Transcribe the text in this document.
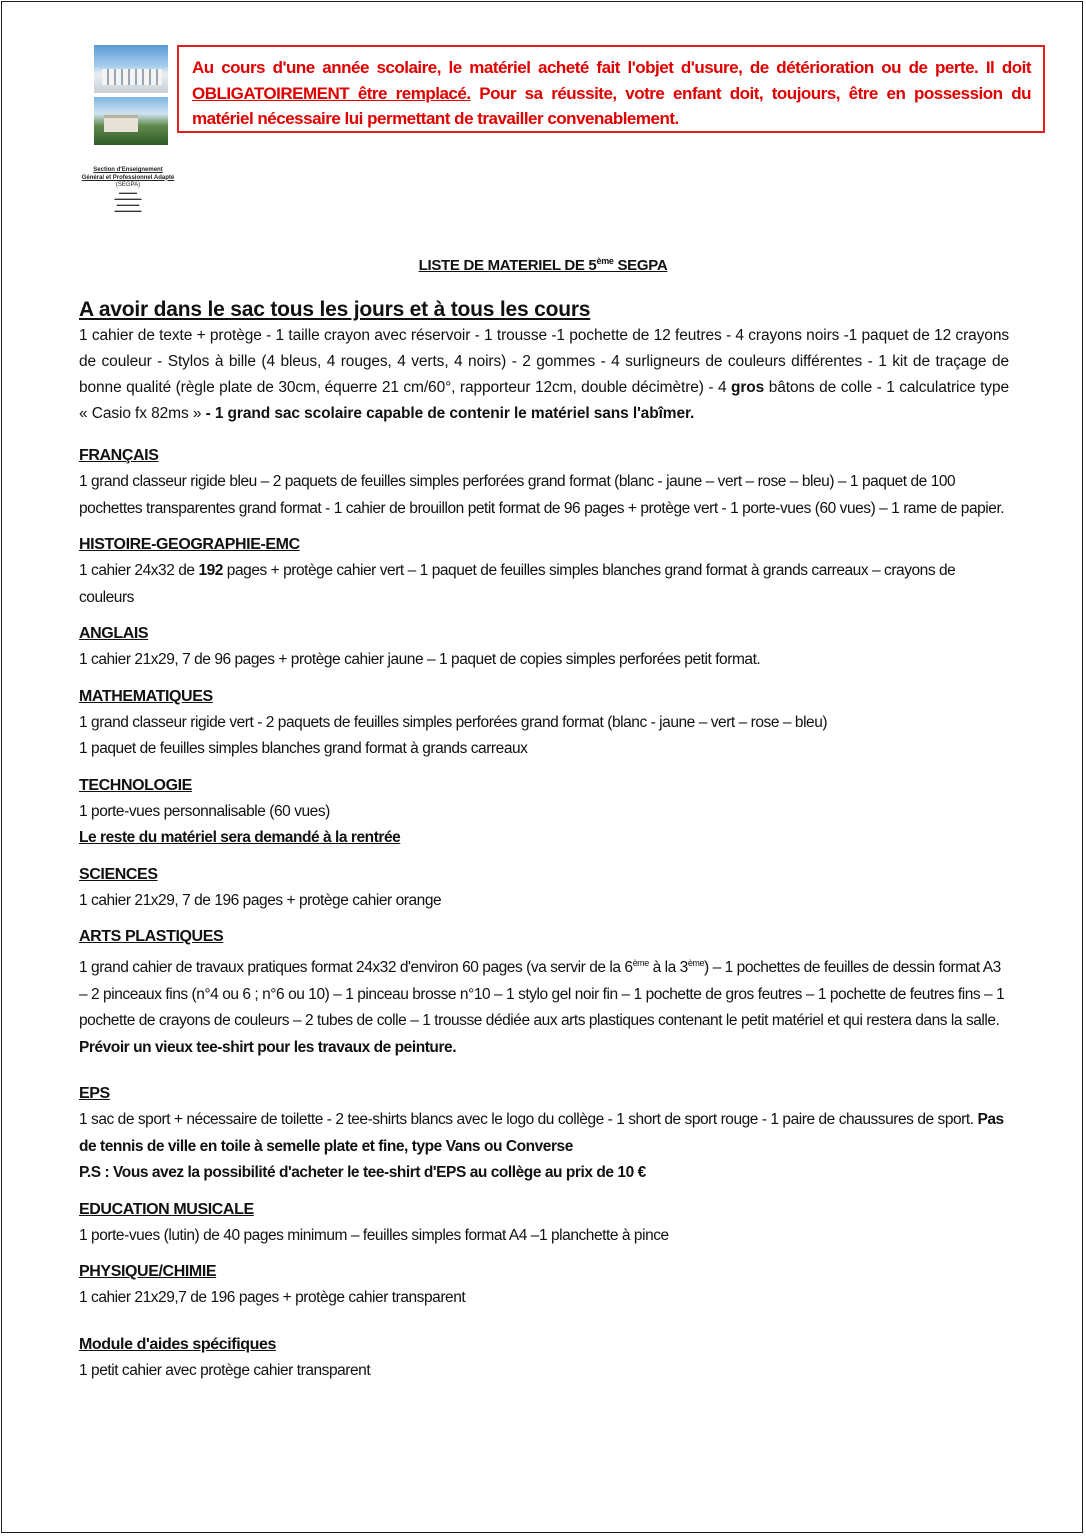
Section d'Enseignement
Général et Professionnel Adapté
(SEGPA)
▬▬▬▬
▬▬▬▬▬▬
▬▬▬▬▬
▬▬▬▬▬▬
Au cours d'une année scolaire, le matériel acheté fait l'objet d'usure, de détérioration ou de perte. Il doit OBLIGATOIREMENT être remplacé. Pour sa réussite, votre enfant doit, toujours, être en possession du matériel nécessaire lui permettant de travailler convenablement.
LISTE DE MATERIEL DE 5ème SEGPA
A avoir dans le sac tous les jours et à tous les cours

1 cahier de texte + protège - 1 taille crayon avec réservoir - 1 trousse -1 pochette de 12 feutres - 4 crayons noirs -1 paquet de 12 crayons de couleur - Stylos à bille (4 bleus, 4 rouges, 4 verts, 4 noirs) - 2 gommes - 4 surligneurs de couleurs différentes - 1 kit de traçage de bonne qualité (règle plate de 30cm, équerre 21 cm/60°, rapporteur 12cm, double décimètre) - 4 gros bâtons de colle - 1 calculatrice type « Casio fx 82ms » - 1 grand sac scolaire capable de contenir le matériel sans l'abîmer.

FRANÇAIS

1 grand classeur rigide bleu – 2 paquets de feuilles simples perforées grand format (blanc - jaune – vert – rose – bleu) – 1 paquet de 100 pochettes transparentes grand format - 1 cahier de brouillon petit format de 96 pages + protège vert - 1 porte-vues (60 vues) – 1 rame de papier.

HISTOIRE-GEOGRAPHIE-EMC

1 cahier 24x32 de 192 pages + protège cahier vert – 1 paquet de feuilles simples blanches grand format à grands carreaux – crayons de couleurs

ANGLAIS

1 cahier 21x29, 7 de 96 pages + protège cahier jaune – 1 paquet de copies simples perforées petit format.

MATHEMATIQUES

1 grand classeur rigide vert - 2 paquets de feuilles simples perforées grand format (blanc - jaune – vert – rose – bleu)

1 paquet de feuilles simples blanches grand format à grands carreaux

TECHNOLOGIE

1 porte-vues personnalisable (60 vues)

Le reste du matériel sera demandé à la rentrée

SCIENCES

1 cahier 21x29, 7 de 196 pages + protège cahier orange

ARTS PLASTIQUES

1 grand cahier de travaux pratiques format 24x32 d'environ 60 pages (va servir de la 6ème à la 3ème) – 1 pochettes de feuilles de dessin format A3 – 2 pinceaux fins (n°4 ou 6 ; n°6 ou 10) – 1 pinceau brosse n°10 – 1 stylo gel noir fin – 1 pochette de gros feutres – 1 pochette de feutres fins – 1 pochette de crayons de couleurs – 2 tubes de colle – 1 trousse dédiée aux arts plastiques contenant le petit matériel et qui restera dans la salle.

Prévoir un vieux tee-shirt pour les travaux de peinture.

EPS

1 sac de sport + nécessaire de toilette - 2 tee-shirts blancs avec le logo du collège - 1 short de sport rouge - 1 paire de chaussures de sport. Pas de tennis de ville en toile à semelle plate et fine, type Vans ou Converse

P.S : Vous avez la possibilité d'acheter le tee-shirt d'EPS au collège au prix de 10 €

EDUCATION MUSICALE

1 porte-vues (lutin) de 40 pages minimum – feuilles simples format A4 –1 planchette à pince

PHYSIQUE/CHIMIE

1 cahier 21x29,7 de 196 pages + protège cahier transparent

Module d'aides spécifiques

1 petit cahier avec protège cahier transparent
